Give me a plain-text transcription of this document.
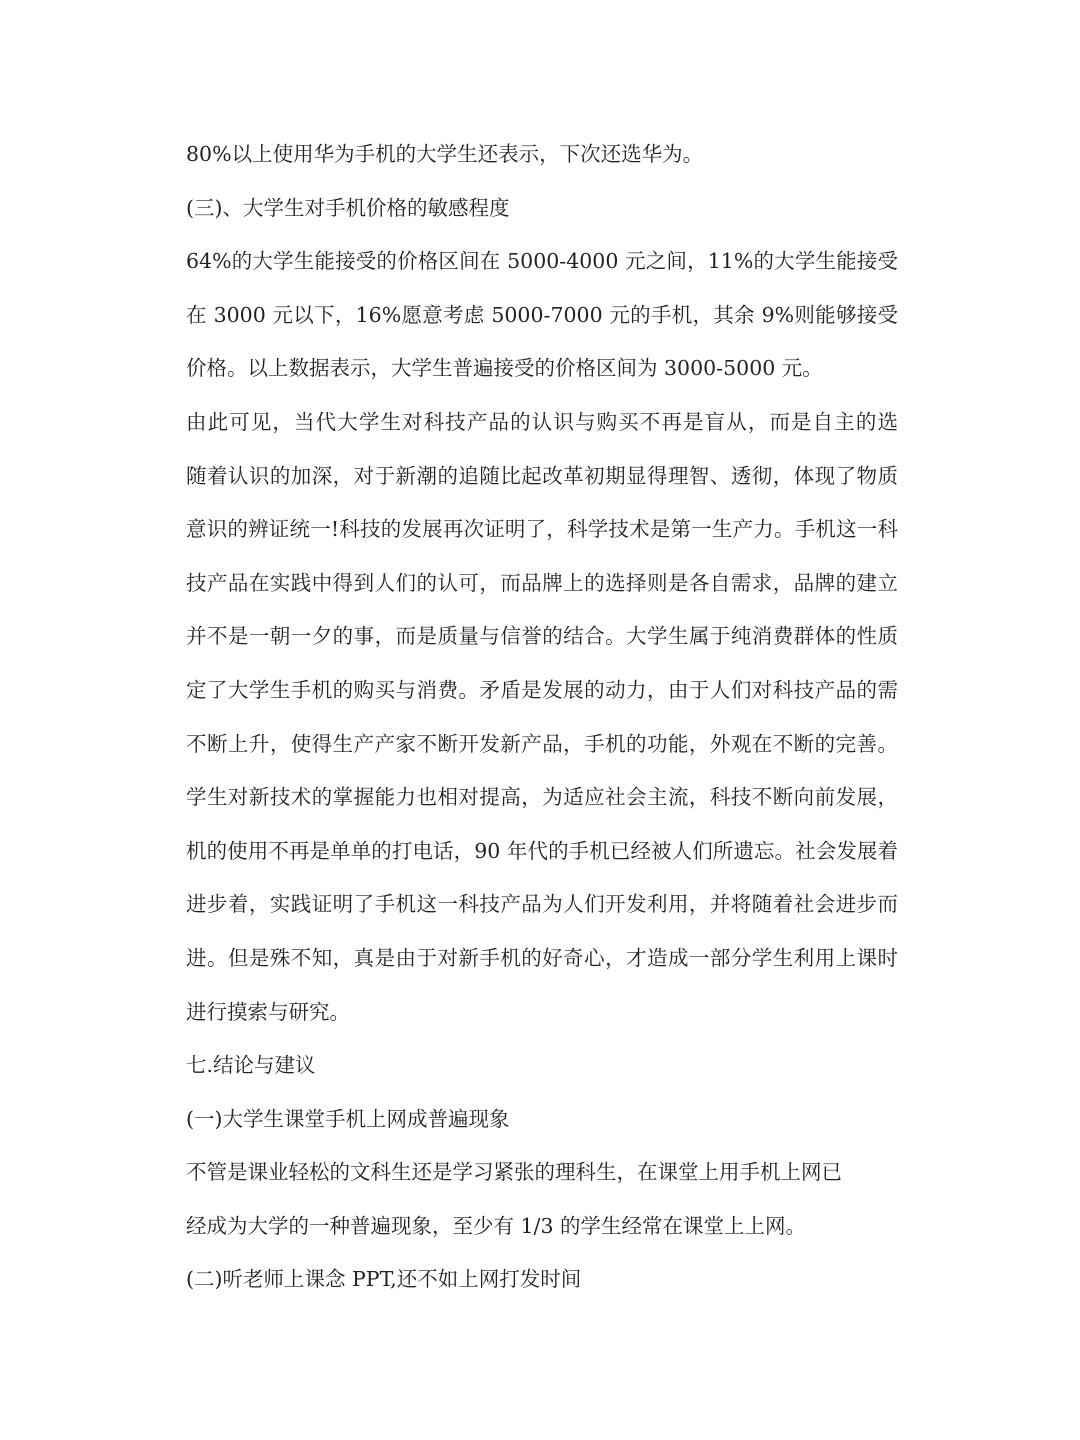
80%以上使用华为手机的大学生还表示，下次还选华为。
(三)、大学生对手机价格的敏感程度
64%的大学生能接受的价格区间在 5000-4000 元之间，11%的大学生能接受
在 3000 元以下，16%愿意考虑 5000-7000 元的手机，其余 9%则能够接受
价格。以上数据表示，大学生普遍接受的价格区间为 3000-5000 元。
由此可见，当代大学生对科技产品的认识与购买不再是盲从，而是自主的选
随着认识的加深，对于新潮的追随比起改革初期显得理智、透彻，体现了物质
意识的辨证统一!科技的发展再次证明了，科学技术是第一生产力。手机这一科
技产品在实践中得到人们的认可，而品牌上的选择则是各自需求，品牌的建立
并不是一朝一夕的事，而是质量与信誉的结合。大学生属于纯消费群体的性质
定了大学生手机的购买与消费。矛盾是发展的动力，由于人们对科技产品的需
不断上升，使得生产产家不断开发新产品，手机的功能，外观在不断的完善。
学生对新技术的掌握能力也相对提高，为适应社会主流，科技不断向前发展，
机的使用不再是单单的打电话，90 年代的手机已经被人们所遗忘。社会发展着
进步着，实践证明了手机这一科技产品为人们开发利用，并将随着社会进步而
进。但是殊不知，真是由于对新手机的好奇心，才造成一部分学生利用上课时
进行摸索与研究。
七.结论与建议
(一)大学生课堂手机上网成普遍现象
不管是课业轻松的文科生还是学习紧张的理科生，在课堂上用手机上网已
经成为大学的一种普遍现象，至少有 1/3 的学生经常在课堂上上网。
(二)听老师上课念 PPT,还不如上网打发时间
